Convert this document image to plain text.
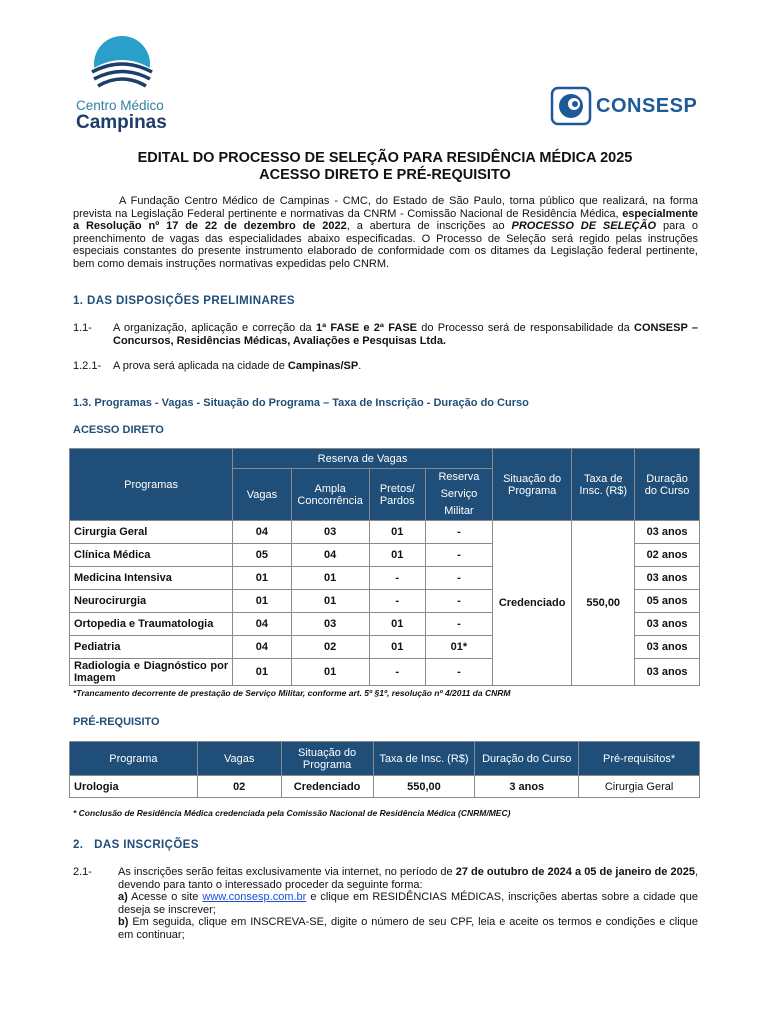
Centro Médico
Campinas
CONSESP
EDITAL DO PROCESSO DE SELEÇÃO PARA RESIDÊNCIA MÉDICA 2025
ACESSO DIRETO E PRÉ-REQUISITO
A Fundação Centro Médico de Campinas - CMC, do Estado de São Paulo, torna público que realizará, na forma prevista na Legislação Federal pertinente e normativas da CNRM - Comissão Nacional de Residência Médica, especialmente a Resolução nº 17 de 22 de dezembro de 2022, a abertura de inscrições ao PROCESSO DE SELEÇÃO para o preenchimento de vagas das especialidades abaixo especificadas. O Processo de Seleção será regido pelas instruções especiais constantes do presente instrumento elaborado de conformidade com os ditames da Legislação federal pertinente, bem como demais instruções normativas expedidas pelo CNRM.
1. DAS DISPOSIÇÕES PRELIMINARES
1.1- A organização, aplicação e correção da 1ª FASE e 2ª FASE do Processo será de responsabilidade da CONSESP – Concursos, Residências Médicas, Avaliações e Pesquisas Ltda.
1.2.1- A prova será aplicada na cidade de Campinas/SP.
1.3. Programas - Vagas - Situação do Programa – Taxa de Inscrição - Duração do Curso
ACESSO DIRETO
Programas	Reserva de Vagas				Situação do Programa	Taxa de Insc. (R$)	Duração do Curso
	Vagas	Ampla Concorrência	Pretos/ Pardos	Reserva Serviço Militar			
Cirurgia Geral	04	03	01	-	Credenciado	550,00	03 anos
Clínica Médica	05	04	01	-			02 anos
Medicina Intensiva	01	01	-	-			03 anos
Neurocirurgia	01	01	-	-			05 anos
Ortopedia e Traumatologia	04	03	01	-			03 anos
Pediatria	04	02	01	01*			03 anos
Radiologia e Diagnóstico por Imagem	01	01	-	-			03 anos
*Trancamento decorrente de prestação de Serviço Militar, conforme art. 5º §1º, resolução nº 4/2011 da CNRM
PRÉ-REQUISITO
Programa	Vagas	Situação do Programa	Taxa de Insc. (R$)	Duração do Curso	Pré-requisitos*
Urologia	02	Credenciado	550,00	3 anos	Cirurgia Geral
* Conclusão de Residência Médica credenciada pela Comissão Nacional de Residência Médica (CNRM/MEC)
2.   DAS INSCRIÇÕES
2.1- As inscrições serão feitas exclusivamente via internet, no período de 27 de outubro de 2024 a 05 de janeiro de 2025, devendo para tanto o interessado proceder da seguinte forma:
a) Acesse o site www.consesp.com.br e clique em RESIDÊNCIAS MÉDICAS, inscrições abertas sobre a cidade que deseja se inscrever;
b) Em seguida, clique em INSCREVA-SE, digite o número de seu CPF, leia e aceite os termos e condições e clique em continuar;
